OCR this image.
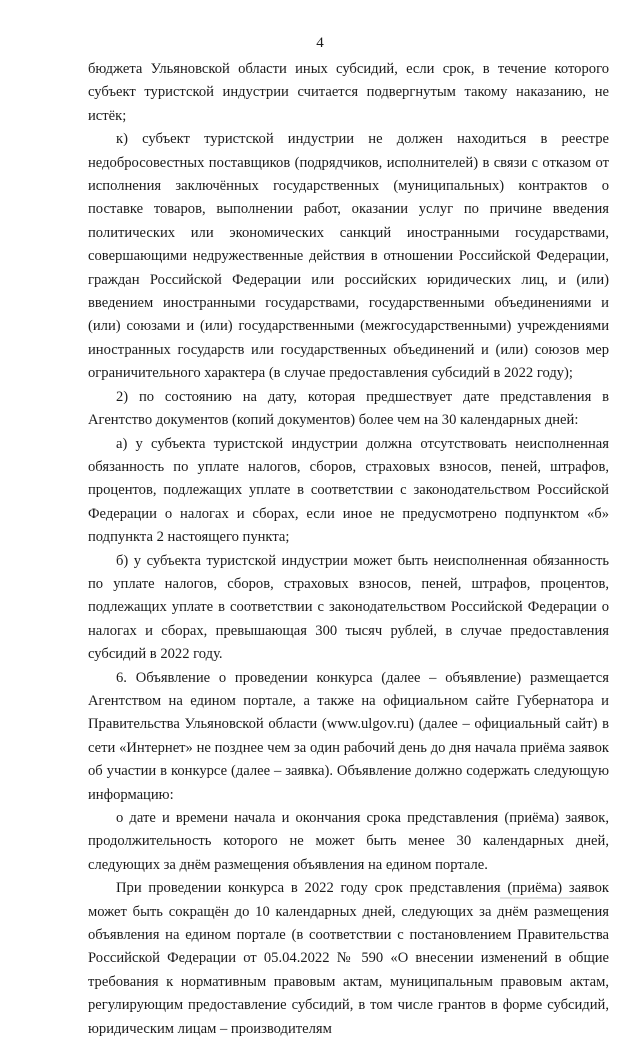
4

бюджета Ульяновской области иных субсидий, если срок, в течение которого субъект туристской индустрии считается подвергнутым такому наказанию, не истёк;

к) субъект туристской индустрии не должен находиться в реестре недобросовестных поставщиков (подрядчиков, исполнителей) в связи с отказом от исполнения заключённых государственных (муниципальных) контрактов о поставке товаров, выполнении работ, оказании услуг по причине введения политических или экономических санкций иностранными государствами, совершающими недружественные действия в отношении Российской Федерации, граждан Российской Федерации или российских юридических лиц, и (или) введением иностранными государствами, государственными объединениями и (или) союзами и (или) государственными (межгосударственными) учреждениями иностранных государств или государственных объединений и (или) союзов мер ограничительного характера (в случае предоставления субсидий в 2022 году);

2) по состоянию на дату, которая предшествует дате представления в Агентство документов (копий документов) более чем на 30 календарных дней:

а) у субъекта туристской индустрии должна отсутствовать неисполненная обязанность по уплате налогов, сборов, страховых взносов, пеней, штрафов, процентов, подлежащих уплате в соответствии с законодательством Российской Федерации о налогах и сборах, если иное не предусмотрено подпунктом «б» подпункта 2 настоящего пункта;

б) у субъекта туристской индустрии может быть неисполненная обязанность по уплате налогов, сборов, страховых взносов, пеней, штрафов, процентов, подлежащих уплате в соответствии с законодательством Российской Федерации о налогах и сборах, превышающая 300 тысяч рублей, в случае предоставления субсидий в 2022 году.

6. Объявление о проведении конкурса (далее – объявление) размещается Агентством на едином портале, а также на официальном сайте Губернатора и Правительства Ульяновской области (www.ulgov.ru) (далее – официальный сайт) в сети «Интернет» не позднее чем за один рабочий день до дня начала приёма заявок об участии в конкурсе (далее – заявка). Объявление должно содержать следующую информацию:

о дате и времени начала и окончания срока представления (приёма) заявок, продолжительность которого не может быть менее 30 календарных дней, следующих за днём размещения объявления на едином портале.

При проведении конкурса в 2022 году срок представления (приёма) заявок может быть сокращён до 10 календарных дней, следующих за днём размещения объявления на едином портале (в соответствии с постановлением Правительства Российской Федерации от 05.04.2022 № 590 «О внесении изменений в общие требования к нормативным правовым актам, муниципальным правовым актам, регулирующим предоставление субсидий, в том числе грантов в форме субсидий, юридическим лицам – производителям
